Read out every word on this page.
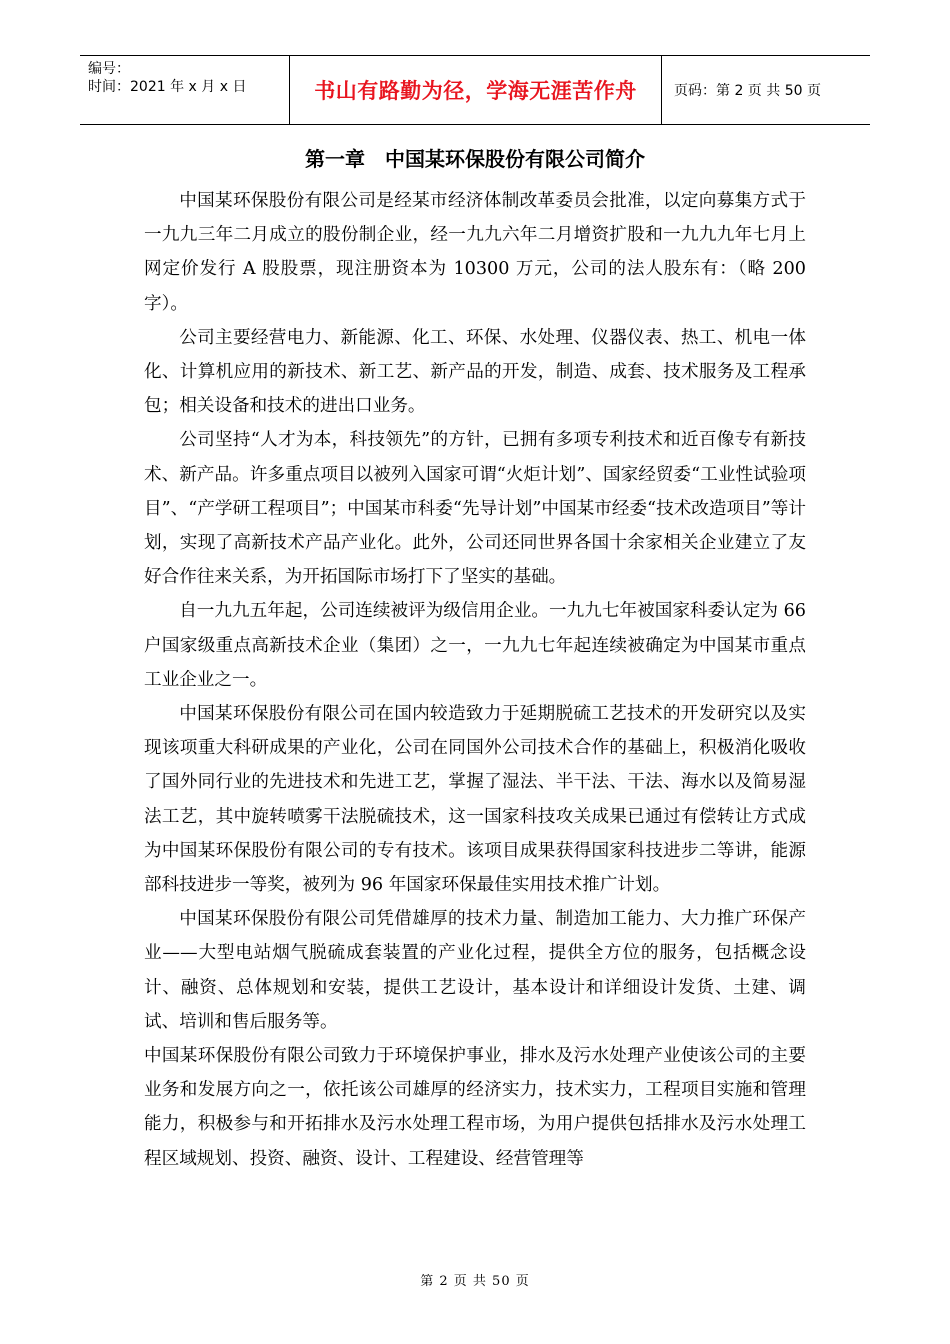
编号：
时间：2021 年 x 月 x 日	书山有路勤为径，学海无涯苦作舟	页码：第 2 页 共 50 页
第一章　中国某环保股份有限公司简介

中国某环保股份有限公司是经某市经济体制改革委员会批准，以定向募集方式于一九九三年二月成立的股份制企业，经一九九六年二月增资扩股和一九九九年七月上网定价发行 A 股股票，现注册资本为 10300 万元，公司的法人股东有：（略 200 字）。

公司主要经营电力、新能源、化工、环保、水处理、仪器仪表、热工、机电一体化、计算机应用的新技术、新工艺、新产品的开发，制造、成套、技术服务及工程承包；相关设备和技术的进出口业务。

公司坚持“人才为本，科技领先”的方针，已拥有多项专利技术和近百像专有新技术、新产品。许多重点项目以被列入国家可谓“火炬计划”、国家经贸委“工业性试验项目”、“产学研工程项目”；中国某市科委“先导计划”中国某市经委“技术改造项目”等计划，实现了高新技术产品产业化。此外，公司还同世界各国十余家相关企业建立了友好合作往来关系，为开拓国际市场打下了坚实的基础。

自一九九五年起，公司连续被评为级信用企业。一九九七年被国家科委认定为 66 户国家级重点高新技术企业（集团）之一，一九九七年起连续被确定为中国某市重点工业企业之一。

中国某环保股份有限公司在国内较造致力于延期脱硫工艺技术的开发研究以及实现该项重大科研成果的产业化，公司在同国外公司技术合作的基础上，积极消化吸收了国外同行业的先进技术和先进工艺，掌握了湿法、半干法、干法、海水以及简易湿法工艺，其中旋转喷雾干法脱硫技术，这一国家科技攻关成果已通过有偿转让方式成为中国某环保股份有限公司的专有技术。该项目成果获得国家科技进步二等讲，能源部科技进步一等奖，被列为 96 年国家环保最佳实用技术推广计划。

中国某环保股份有限公司凭借雄厚的技术力量、制造加工能力、大力推广环保产业——大型电站烟气脱硫成套装置的产业化过程，提供全方位的服务，包括概念设计、融资、总体规划和安装，提供工艺设计，基本设计和详细设计发货、土建、调试、培训和售后服务等。

中国某环保股份有限公司致力于环境保护事业，排水及污水处理产业使该公司的主要业务和发展方向之一，依托该公司雄厚的经济实力，技术实力，工程项目实施和管理能力，积极参与和开拓排水及污水处理工程市场，为用户提供包括排水及污水处理工程区域规划、投资、融资、设计、工程建设、经营管理等

第 2 页 共 50 页
